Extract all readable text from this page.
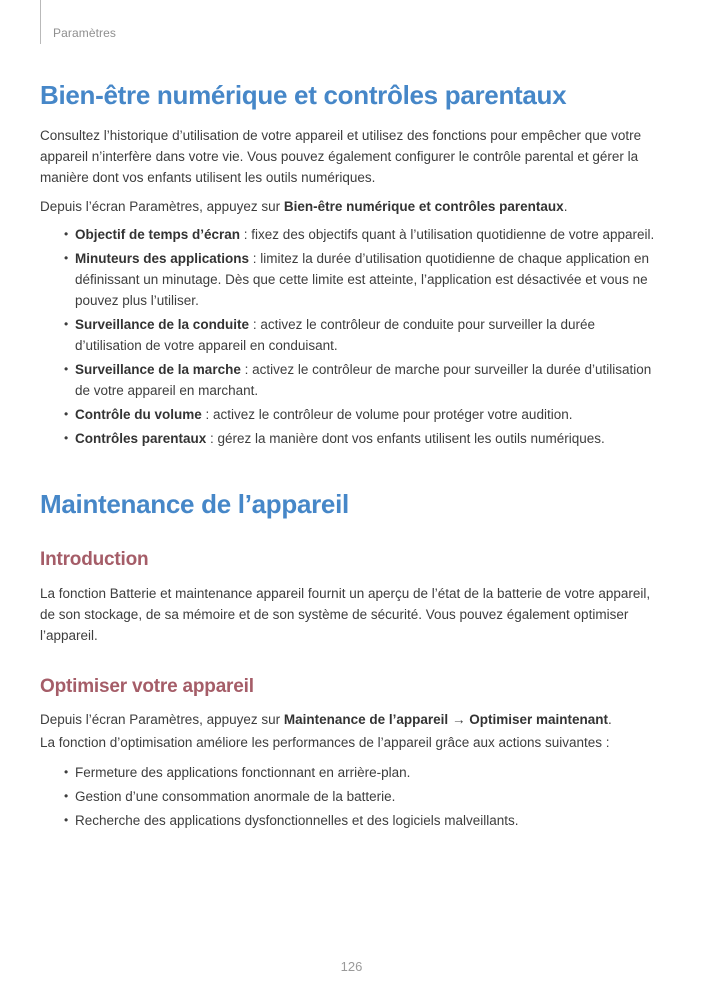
Paramètres
Bien-être numérique et contrôles parentaux

Consultez l’historique d’utilisation de votre appareil et utilisez des fonctions pour empêcher que votre appareil n’interfère dans votre vie. Vous pouvez également configurer le contrôle parental et gérer la manière dont vos enfants utilisent les outils numériques.

Depuis l’écran Paramètres, appuyez sur Bien-être numérique et contrôles parentaux.

• Objectif de temps d’écran : fixez des objectifs quant à l’utilisation quotidienne de votre appareil.
• Minuteurs des applications : limitez la durée d’utilisation quotidienne de chaque application en définissant un minutage. Dès que cette limite est atteinte, l’application est désactivée et vous ne pouvez plus l’utiliser.
• Surveillance de la conduite : activez le contrôleur de conduite pour surveiller la durée d’utilisation de votre appareil en conduisant.
• Surveillance de la marche : activez le contrôleur de marche pour surveiller la durée d’utilisation de votre appareil en marchant.
• Contrôle du volume : activez le contrôleur de volume pour protéger votre audition.
• Contrôles parentaux : gérez la manière dont vos enfants utilisent les outils numériques.
Maintenance de l’appareil
Introduction

La fonction Batterie et maintenance appareil fournit un aperçu de l’état de la batterie de votre appareil, de son stockage, de sa mémoire et de son système de sécurité. Vous pouvez également optimiser l’appareil.

Optimiser votre appareil

Depuis l’écran Paramètres, appuyez sur Maintenance de l’appareil → Optimiser maintenant.

La fonction d’optimisation améliore les performances de l’appareil grâce aux actions suivantes :

• Fermeture des applications fonctionnant en arrière-plan.
• Gestion d’une consommation anormale de la batterie.
• Recherche des applications dysfonctionnelles et des logiciels malveillants.
126
